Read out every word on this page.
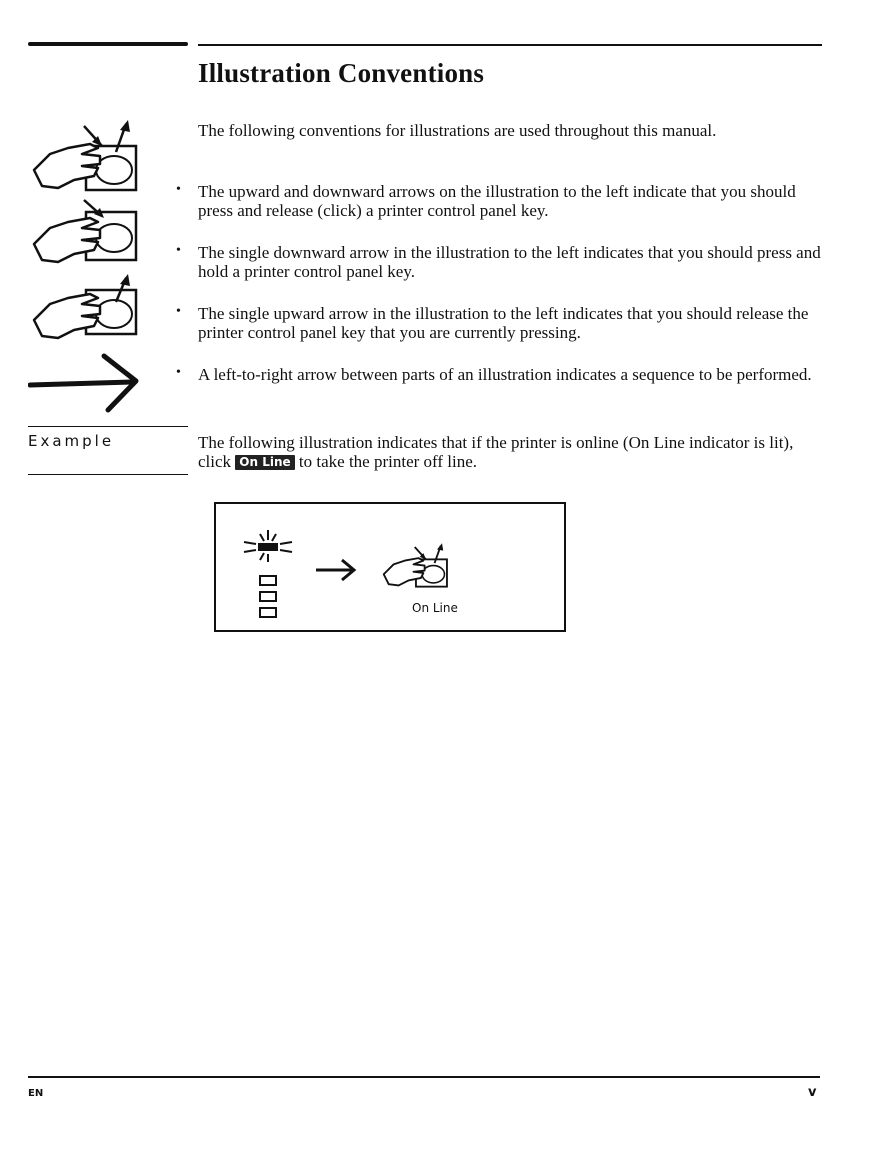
Illustration Conventions

The following conventions for illustrations are used throughout this manual.

• The upward and downward arrows on the illustration to the left indicate that you should press and release (click) a printer control panel key.

• The single downward arrow in the illustration to the left indicates that you should press and hold a printer control panel key.

• The single upward arrow in the illustration to the left indicates that you should release the printer control panel key that you are currently pressing.

• A left-to-right arrow between parts of an illustration indicates a sequence to be performed.

Example	The following illustration indicates that if the printer is online (On Line indicator is lit), click On Line to take the printer off line.

On Line
EN	v
